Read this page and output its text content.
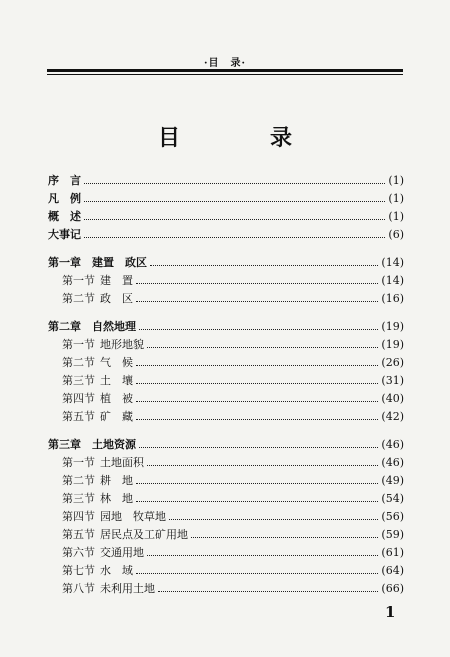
·目　录·
目　录
序　言	(1)
凡　例	(1)
概　述	(1)
大事记	(6)
第一章　建置　政区	(14)
第一节 建　置	(14)
第二节 政　区	(16)
第二章　自然地理	(19)
第一节 地形地貌	(19)
第二节 气　候	(26)
第三节 土　壤	(31)
第四节 植　被	(40)
第五节 矿　藏	(42)
第三章　土地资源	(46)
第一节 土地面积	(46)
第二节 耕　地	(49)
第三节 林　地	(54)
第四节 园地　牧草地	(56)
第五节 居民点及工矿用地	(59)
第六节 交通用地	(61)
第七节 水　域	(64)
第八节 未利用土地	(66)
1
